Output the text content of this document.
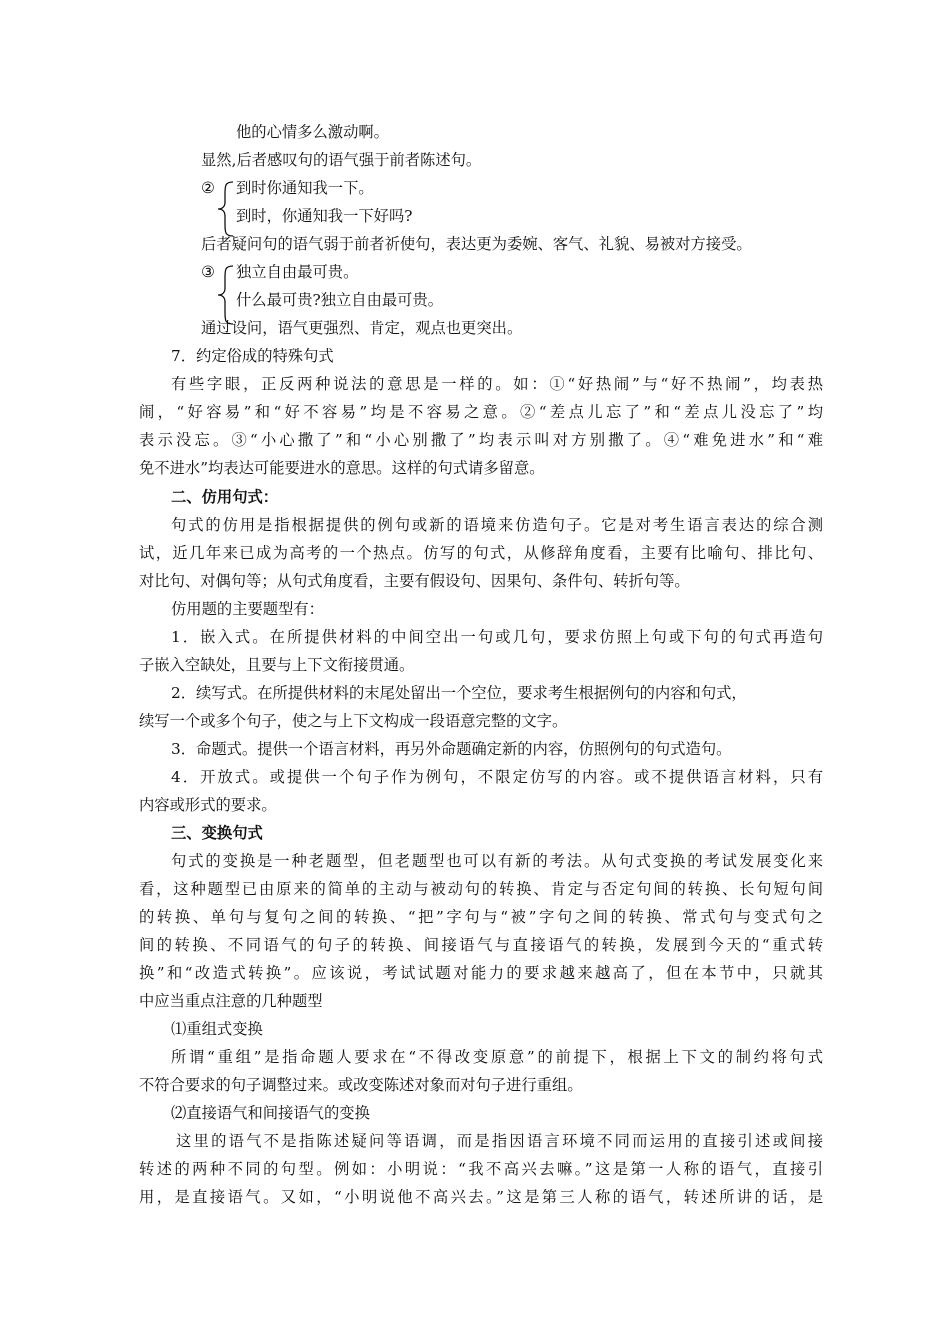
他的心情多么激动啊。
显然,后者感叹句的语气强于前者陈述句。
② 到时你通知我一下。
到时，你通知我一下好吗?
后者疑问句的语气弱于前者祈使句，表达更为委婉、客气、礼貌、易被对方接受。
③ 独立自由最可贵。
什么最可贵?独立自由最可贵。
通过设问，语气更强烈、肯定，观点也更突出。
7．约定俗成的特殊句式
有些字眼，正反两种说法的意思是一样的。如：①“好热闹”与“好不热闹”，均表热
闹，“好容易”和“好不容易”均是不容易之意。②“差点儿忘了”和“差点儿没忘了”均
表示没忘。③“小心撒了”和“小心别撒了”均表示叫对方别撒了。④“难免进水”和“难
免不进水”均表达可能要进水的意思。这样的句式请多留意。
二、仿用句式：
句式的仿用是指根据提供的例句或新的语境来仿造句子。它是对考生语言表达的综合测
试，近几年来已成为高考的一个热点。仿写的句式，从修辞角度看，主要有比喻句、排比句、
对比句、对偶句等；从句式角度看，主要有假设句、因果句、条件句、转折句等。
仿用题的主要题型有：
1．嵌入式。在所提供材料的中间空出一句或几句，要求仿照上句或下句的句式再造句
子嵌入空缺处，且要与上下文衔接贯通。
2．续写式。在所提供材料的末尾处留出一个空位，要求考生根据例句的内容和句式，
续写一个或多个句子，使之与上下文构成一段语意完整的文字。
3．命题式。提供一个语言材料，再另外命题确定新的内容，仿照例句的句式造句。
4．开放式。或提供一个句子作为例句，不限定仿写的内容。或不提供语言材料，只有
内容或形式的要求。
三、变换句式
句式的变换是一种老题型，但老题型也可以有新的考法。从句式变换的考试发展变化来
看，这种题型已由原来的简单的主动与被动句的转换、肯定与否定句间的转换、长句短句间
的转换、单句与复句之间的转换、“把”字句与“被”字句之间的转换、常式句与变式句之
间的转换、不同语气的句子的转换、间接语气与直接语气的转换，发展到今天的“重式转
换”和“改造式转换”。应该说，考试试题对能力的要求越来越高了，但在本节中，只就其
中应当重点注意的几种题型
⑴重组式变换
所谓“重组”是指命题人要求在“不得改变原意”的前提下，根据上下文的制约将句式
不符合要求的句子调整过来。或改变陈述对象而对句子进行重组。
⑵直接语气和间接语气的变换
这里的语气不是指陈述疑问等语调，而是指因语言环境不同而运用的直接引述或间接
转述的两种不同的句型。例如：小明说：“我不高兴去嘛。”这是第一人称的语气，直接引
用，是直接语气。又如，“小明说他不高兴去。”这是第三人称的语气，转述所讲的话，是
